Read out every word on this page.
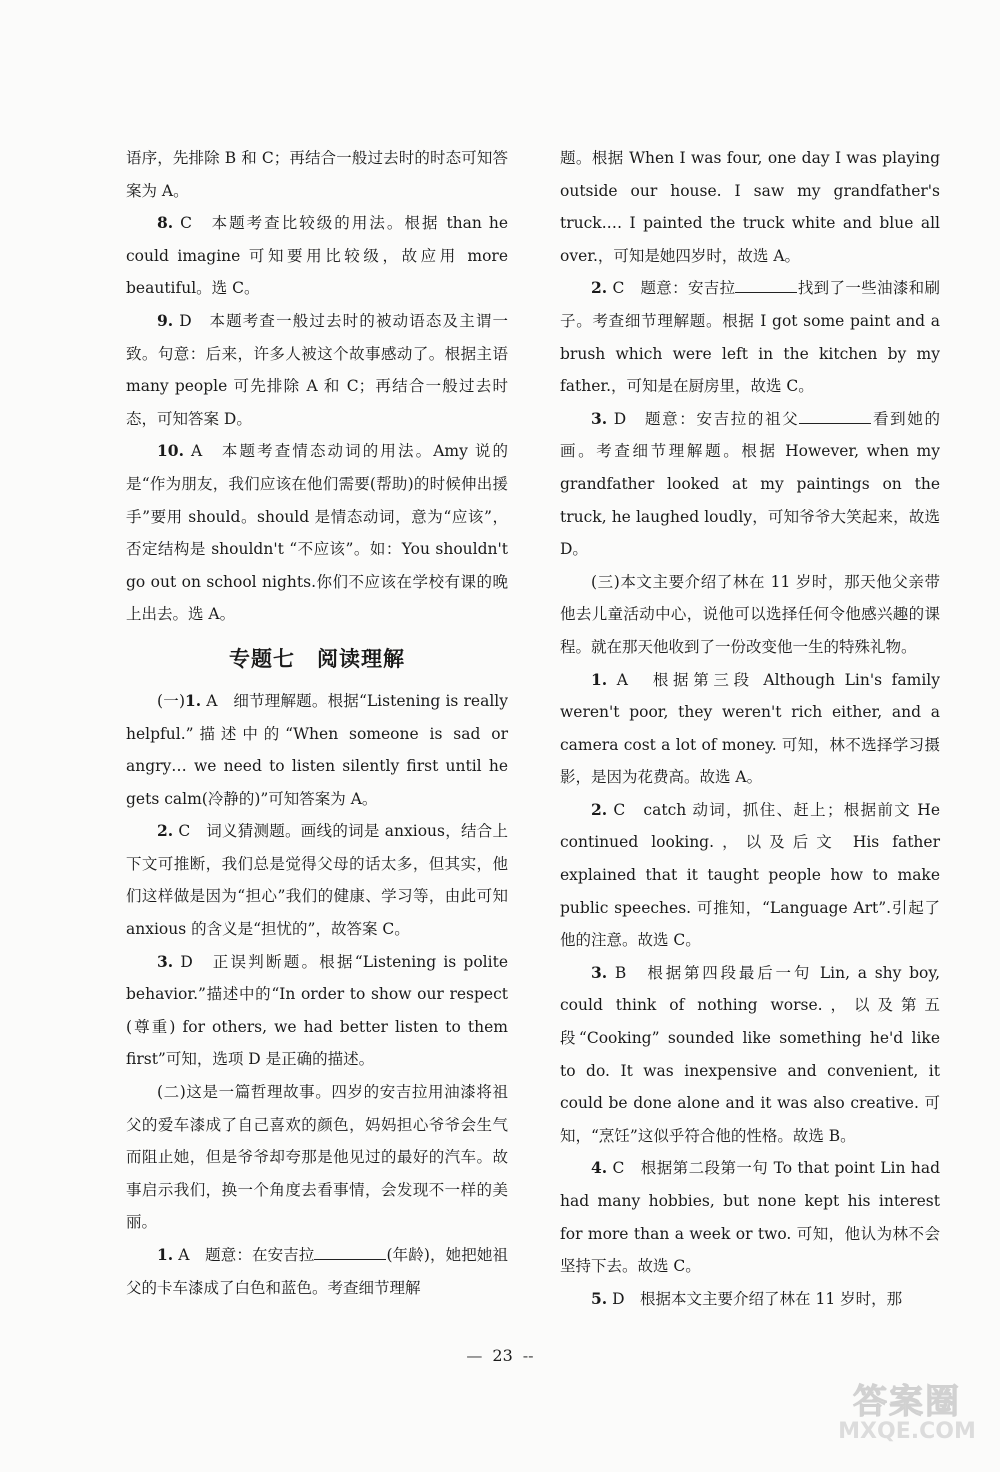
语序，先排除 B 和 C；再结合一般过去时的时态可知答案为 A。

8. C　本题考查比较级的用法。根据 than he could imagine 可知要用比较级，故应用 more beautiful。选 C。

9. D　本题考查一般过去时的被动语态及主谓一致。句意：后来，许多人被这个故事感动了。根据主语 many people 可先排除 A 和 C；再结合一般过去时态，可知答案 D。

10. A　本题考查情态动词的用法。Amy 说的是“作为朋友，我们应该在他们需要(帮助)的时候伸出援手”要用 should。should 是情态动词，意为“应该”，否定结构是 shouldn't “不应该”。如：You shouldn't go out on school nights.你们不应该在学校有课的晚上出去。选 A。

专题七 阅读理解

(一)1. A　细节理解题。根据“Listening is really helpful.”描述中的“When someone is sad or angry… we need to listen silently first until he gets calm(冷静的)”可知答案为 A。

2. C　词义猜测题。画线的词是 anxious，结合上下文可推断，我们总是觉得父母的话太多，但其实，他们这样做是因为“担心”我们的健康、学习等，由此可知 anxious 的含义是“担忧的”，故答案 C。

3. D　正误判断题。根据“Listening is polite behavior.”描述中的“In order to show our respect (尊重) for others, we had better listen to them first”可知，选项 D 是正确的描述。

(二)这是一篇哲理故事。四岁的安吉拉用油漆将祖父的爱车漆成了自己喜欢的颜色，妈妈担心爷爷会生气而阻止她，但是爷爷却夸那是他见过的最好的汽车。故事启示我们，换一个角度去看事情，会发现不一样的美丽。

1. A　题意：在安吉拉	(年龄)，她把她祖父的卡车漆成了白色和蓝色。考查细节理解

题。根据 When I was four, one day I was playing outside our house. I saw my grandfather's truck.… I painted the truck white and blue all over.，可知是她四岁时，故选 A。

2. C　题意：安吉拉	找到了一些油漆和刷子。考查细节理解题。根据 I got some paint and a brush which were left in the kitchen by my father.，可知是在厨房里，故选 C。

3. D　题意：安吉拉的祖父	看到她的画。考查细节理解题。根据 However, when my grandfather looked at my paintings on the truck, he laughed loudly，可知爷爷大笑起来，故选 D。

(三)本文主要介绍了林在 11 岁时，那天他父亲带他去儿童活动中心，说他可以选择任何令他感兴趣的课程。就在那天他收到了一份改变他一生的特殊礼物。

1. A　根据第三段 Although Lin's family weren't poor, they weren't rich either, and a camera cost a lot of money. 可知，林不选择学习摄影，是因为花费高。故选 A。

2. C　catch 动词，抓住、赶上；根据前文 He continued looking.，以及后文 His father explained that it taught people how to make public speeches. 可推知，“Language Art”.引起了他的注意。故选 C。

3. B　根据第四段最后一句 Lin, a shy boy, could think of nothing worse.，以及第五段“Cooking” sounded like something he'd like to do. It was inexpensive and convenient, it could be done alone and it was also creative. 可知，“烹饪”这似乎符合他的性格。故选 B。

4. C　根据第二段第一句 To that point Lin had had many hobbies, but none kept his interest for more than a week or two. 可知，他认为林不会坚持下去。故选 C。

5. D　根据本文主要介绍了林在 11 岁时，那

— 23 --
答案圈
MXQE.COM
